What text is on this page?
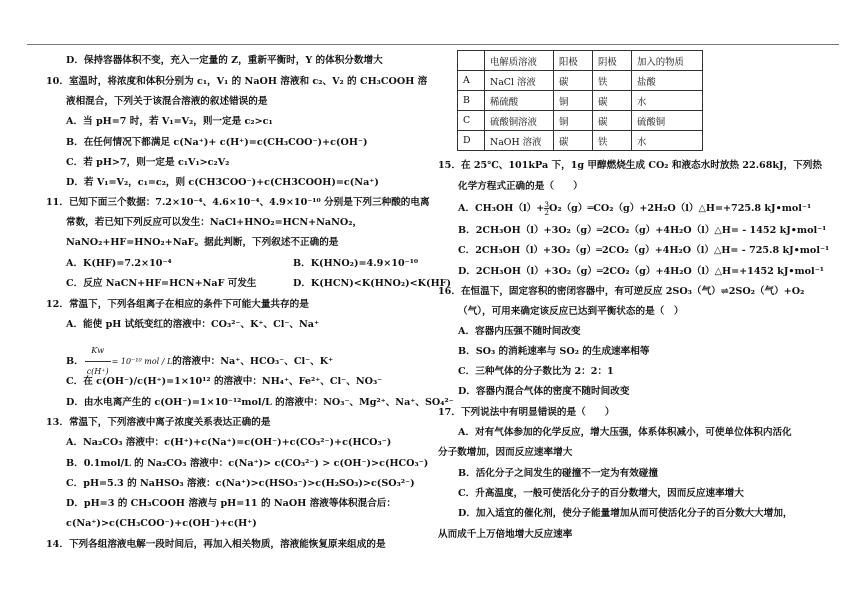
D．保持容器体积不变，充入一定量的 Z，重新平衡时，Y 的体积分数增大
10．室温时，将浓度和体积分别为 c₁，V₁ 的 NaOH 溶液和 c₂、V₂ 的 CH₃COOH 溶
液相混合，下列关于该混合溶液的叙述错误的是
A．当 pH=7 时，若 V₁=V₂，则一定是 c₂>c₁
B．在任何情况下都满足 c(Na⁺)+ c(H⁺)=c(CH₃COO⁻)+c(OH⁻)
C．若 pH>7，则一定是 c₁V₁>c₂V₂
D．若 V₁=V₂，c₁=c₂，则 c(CH3COO⁻)+c(CH3COOH)=c(Na⁺)
11．已知下面三个数据：7.2×10⁻⁴、4.6×10⁻⁴、4.9×10⁻¹⁰ 分别是下列三种酸的电离
常数，若已知下列反应可以发生：NaCl+HNO₂=HCN+NaNO₂，
NaNO₂+HF=HNO₂+NaF。据此判断，下列叙述不正确的是
A．K(HF)=7.2×10⁻⁴	B．K(HNO₂)=4.9×10⁻¹⁰
C．反应 NaCN+HF=HCN+NaF 可发生	D．K(HCN)<K(HNO₂)<K(HF)
12．常温下，下列各组离子在相应的条件下可能大量共存的是
A．能使 pH 试纸变红的溶液中：CO₃²⁻、K⁺、Cl⁻、Na⁺
B． $\frac{Kw}{c(H^+)} = 10^{-10}$ mol / L的溶液中：Na⁺、HCO₃⁻、Cl⁻、K⁺
C．在 c(OH⁻)/c(H⁺)=1×10¹² 的溶液中：NH₄⁺、Fe²⁺、Cl⁻、NO₃⁻
D．由水电离产生的 c(OH⁻)=1×10⁻¹²mol/L 的溶液中：NO₃⁻、Mg²⁺、Na⁺、SO₄²⁻
13．常温下，下列溶液中离子浓度关系表达正确的是
A．Na₂CO₃ 溶液中：c(H⁺)+c(Na⁺)=c(OH⁻)+c(CO₃²⁻)+c(HCO₃⁻)
B．0.1mol/L 的 Na₂CO₃ 溶液中：c(Na⁺)> c(CO₃²⁻) > c(OH⁻)>c(HCO₃⁻)
C．pH=5.3 的 NaHSO₃ 溶液：c(Na⁺)>c(HSO₃⁻)>c(H₂SO₃)>c(SO₃²⁻)
D．pH=3 的 CH₃COOH 溶液与 pH=11 的 NaOH 溶液等体积混合后：
c(Na⁺)>c(CH₃COO⁻)+c(OH⁻)+c(H⁺)
14．下列各组溶液电解一段时间后，再加入相关物质，溶液能恢复原来组成的是
	电解质溶液	阳极	阴极	加入的物质
A	NaCl 溶液	碳	铁	盐酸
B	稀硫酸	铜	碳	水
C	硫酸铜溶液	铜	碳	硫酸铜
D	NaOH 溶液	碳	铁	水
15．在 25℃、101kPa 下，1g 甲醇燃烧生成 CO₂ 和液态水时放热 22.68kJ，下列热
化学方程式正确的是（　　）
A．$CH_3OH(l)+ \frac{3}{2}O_2(g)═CO_2(g)+2H_2O(l)\triangle H=+725.8$ kJ•mol⁻¹
B．2CH₃OH（l）+3O₂（g）═2CO₂（g）+4H₂O（l）△H= - 1452 kJ•mol⁻¹
C．2CH₃OH（l）+3O₂（g）═2CO₂（g）+4H₂O（l）△H= - 725.8 kJ•mol⁻¹
D．2CH₃OH（l）+3O₂（g）═2CO₂（g）+4H₂O（l）△H=+1452 kJ•mol⁻¹
16．在恒温下，固定容积的密闭容器中，有可逆反应 2SO₃（气）⇌2SO₂（气）+O₂
（气），可用来确定该反应已达到平衡状态的是（　）
A．容器内压强不随时间改变
B．SO₃ 的消耗速率与 SO₂ 的生成速率相等
C．三种气体的分子数比为 2：2：1
D．容器内混合气体的密度不随时间改变
17．下列说法中有明显错误的是（　　）
A．对有气体参加的化学反应，增大压强，体系体积减小，可使单位体积内活化
分子数增加，因而反应速率增大
B．活化分子之间发生的碰撞不一定为有效碰撞
C．升高温度，一般可使活化分子的百分数增大，因而反应速率增大
D．加入适宜的催化剂，使分子能量增加从而可使活化分子的百分数大大增加，
从而成千上万倍地增大反应速率
